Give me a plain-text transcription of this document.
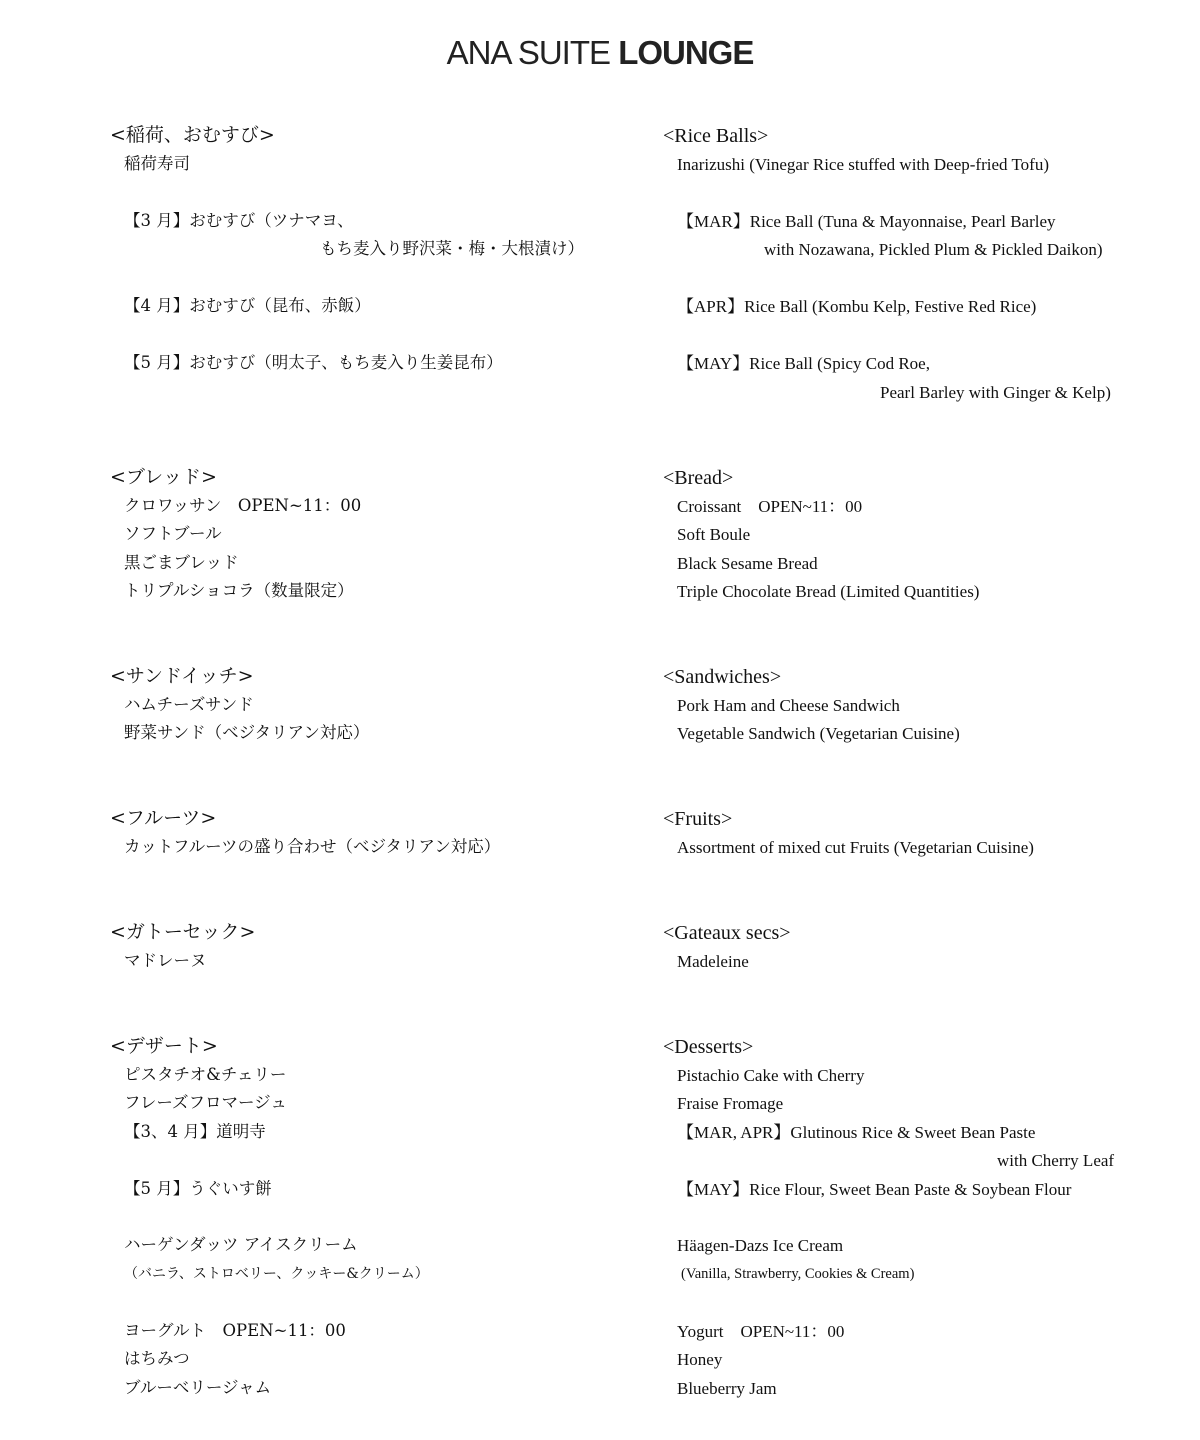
ANA SUITE LOUNGE
<稲荷、おむすび>
稲荷寿司
【3 月】おむすび（ツナマヨ、
もち麦入り野沢菜・梅・大根漬け）
【4 月】おむすび（昆布、赤飯）
【5 月】おむすび（明太子、もち麦入り生姜昆布）
<ブレッド>
クロワッサン　OPEN~11：00
ソフトブール
黒ごまブレッド
トリプルショコラ（数量限定）
<サンドイッチ>
ハムチーズサンド
野菜サンド（ベジタリアン対応）
<フルーツ>
カットフルーツの盛り合わせ（ベジタリアン対応）
<ガトーセック>
マドレーヌ
<デザート>
ピスタチオ&チェリー
フレーズフロマージュ
【3、4 月】道明寺
【5 月】うぐいす餅
ハーゲンダッツ アイスクリーム
（バニラ、ストロベリー、クッキー&クリーム）
ヨーグルト　OPEN~11：00
はちみつ
ブルーベリージャム
<Rice Balls>
Inarizushi (Vinegar Rice stuffed with Deep-fried Tofu)
【MAR】Rice Ball (Tuna & Mayonnaise, Pearl Barley
with Nozawana, Pickled Plum & Pickled Daikon)
【APR】Rice Ball (Kombu Kelp, Festive Red Rice)
【MAY】Rice Ball (Spicy Cod Roe,
Pearl Barley with Ginger & Kelp)
<Bread>
Croissant　OPEN~11：00
Soft Boule
Black Sesame Bread
Triple Chocolate Bread (Limited Quantities)
<Sandwiches>
Pork Ham and Cheese Sandwich
Vegetable Sandwich (Vegetarian Cuisine)
<Fruits>
Assortment of mixed cut Fruits (Vegetarian Cuisine)
<Gateaux secs>
Madeleine
<Desserts>
Pistachio Cake with Cherry
Fraise Fromage
【MAR, APR】Glutinous Rice & Sweet Bean Paste
with Cherry Leaf
【MAY】Rice Flour, Sweet Bean Paste & Soybean Flour
Häagen-Dazs Ice Cream
(Vanilla, Strawberry, Cookies & Cream)
Yogurt　OPEN~11：00
Honey
Blueberry Jam
